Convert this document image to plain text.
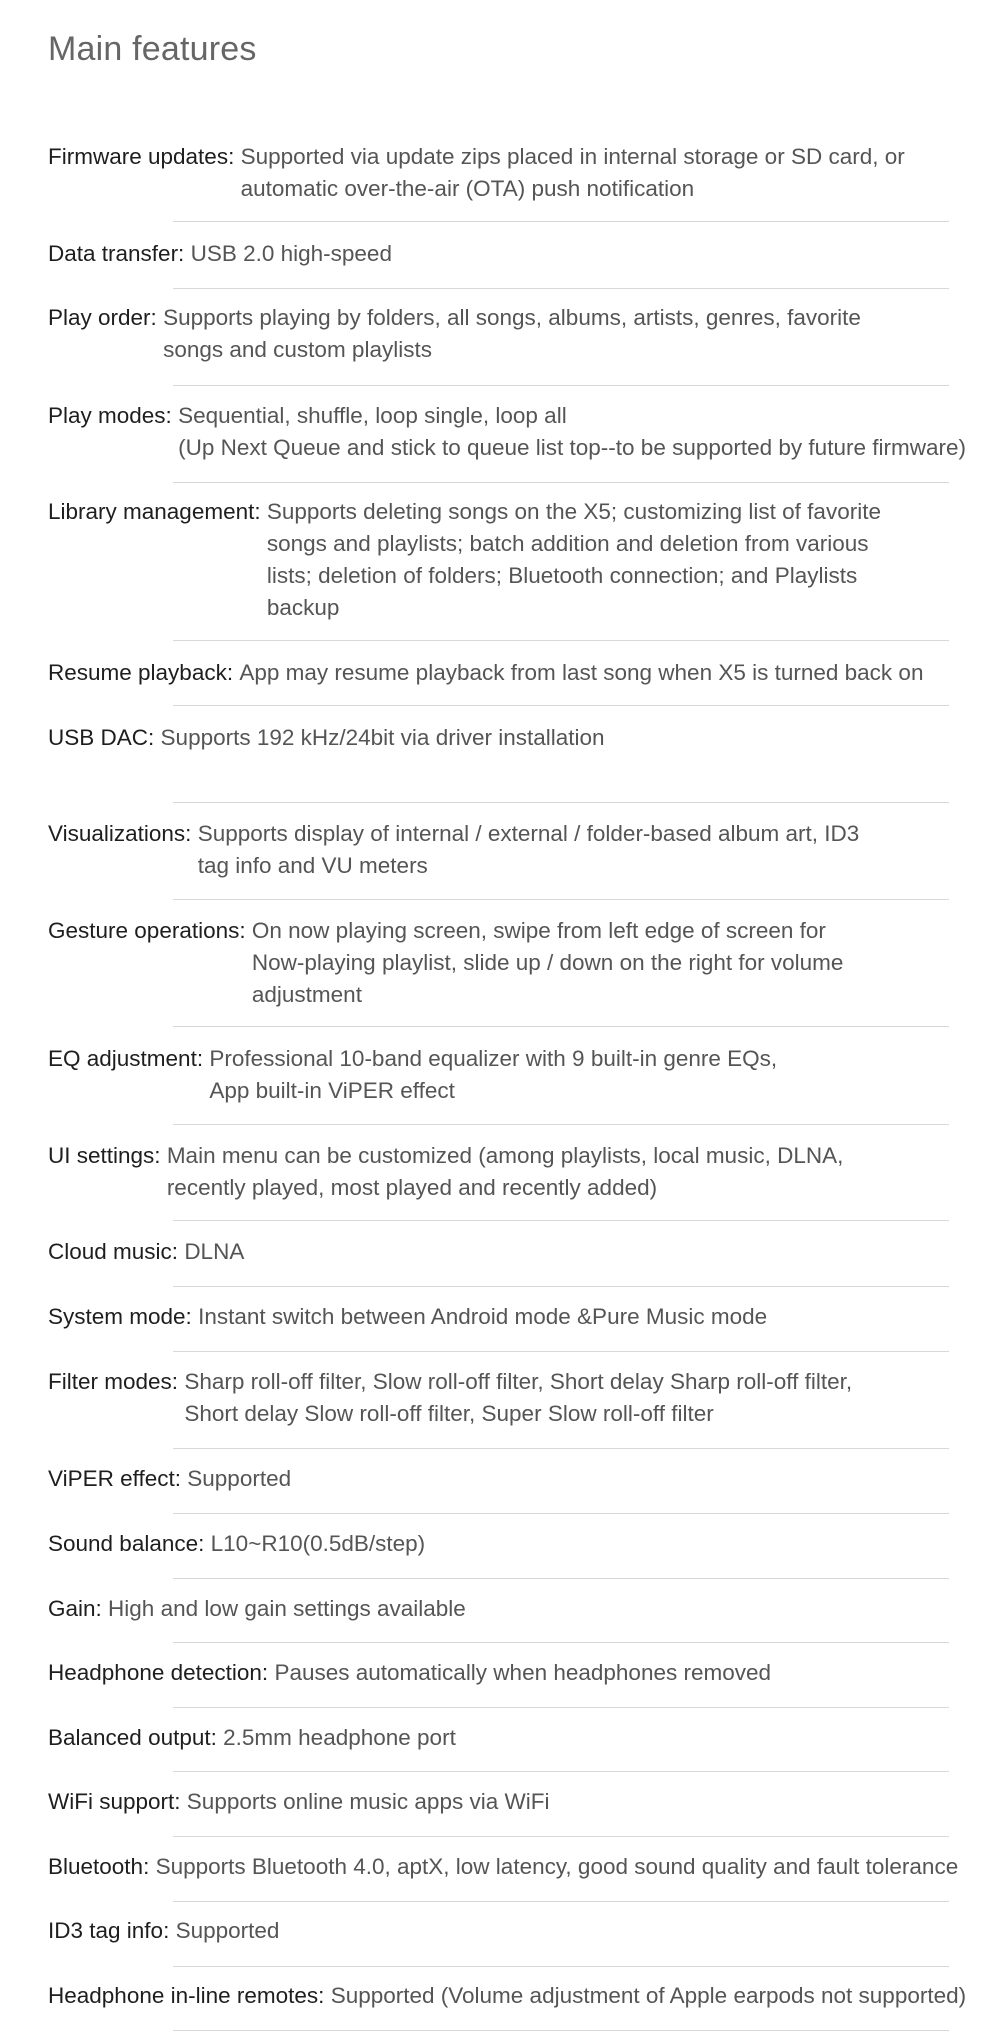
Main features
Firmware updates: Supported via update zips placed in internal storage or SD card, or
automatic over-the-air (OTA) push notification
Data transfer: USB 2.0 high-speed
Play order: Supports playing by folders, all songs, albums, artists, genres, favorite
songs and custom playlists
Play modes: Sequential, shuffle, loop single, loop all
(Up Next Queue and stick to queue list top--to be supported by future firmware)
Library management: Supports deleting songs on the X5; customizing list of favorite
songs and playlists; batch addition and deletion from various
lists; deletion of folders; Bluetooth connection; and Playlists
backup
Resume playback: App may resume playback from last song when X5 is turned back on
USB DAC: Supports 192 kHz/24bit via driver installation
Visualizations: Supports display of internal / external / folder-based album art, ID3
tag info and VU meters
Gesture operations: On now playing screen, swipe from left edge of screen for
Now-playing playlist, slide up / down on the right for volume
adjustment
EQ adjustment: Professional 10-band equalizer with 9 built-in genre EQs,
App built-in ViPER effect
UI settings: Main menu can be customized (among playlists, local music, DLNA,
recently played, most played and recently added)
Cloud music: DLNA
System mode: Instant switch between Android mode &Pure Music mode
Filter modes: Sharp roll-off filter, Slow roll-off filter, Short delay Sharp roll-off filter,
Short delay Slow roll-off filter, Super Slow roll-off filter
ViPER effect: Supported
Sound balance: L10~R10(0.5dB/step)
Gain: High and low gain settings available
Headphone detection: Pauses automatically when headphones removed
Balanced output: 2.5mm headphone port
WiFi support: Supports online music apps via WiFi
Bluetooth: Supports Bluetooth 4.0, aptX, low latency, good sound quality and fault tolerance
ID3 tag info: Supported
Headphone in-line remotes: Supported (Volume adjustment of Apple earpods not supported)
